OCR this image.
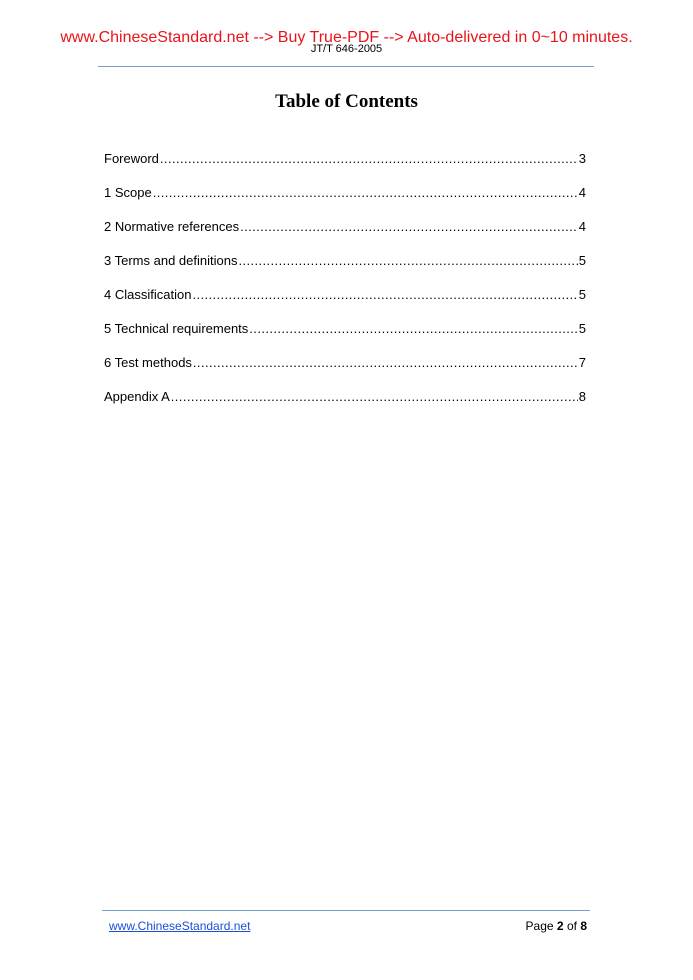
www.ChineseStandard.net --> Buy True-PDF --> Auto-delivered in 0~10 minutes.
JT/T 646-2005
Table of Contents
Foreword .....	3
1 Scope .....	4
2 Normative references .....	4
3 Terms and definitions .....	5
4 Classification .....	5
5 Technical requirements .....	5
6 Test methods .....	7
Appendix A .....	8
www.ChineseStandard.net	Page 2 of 8
